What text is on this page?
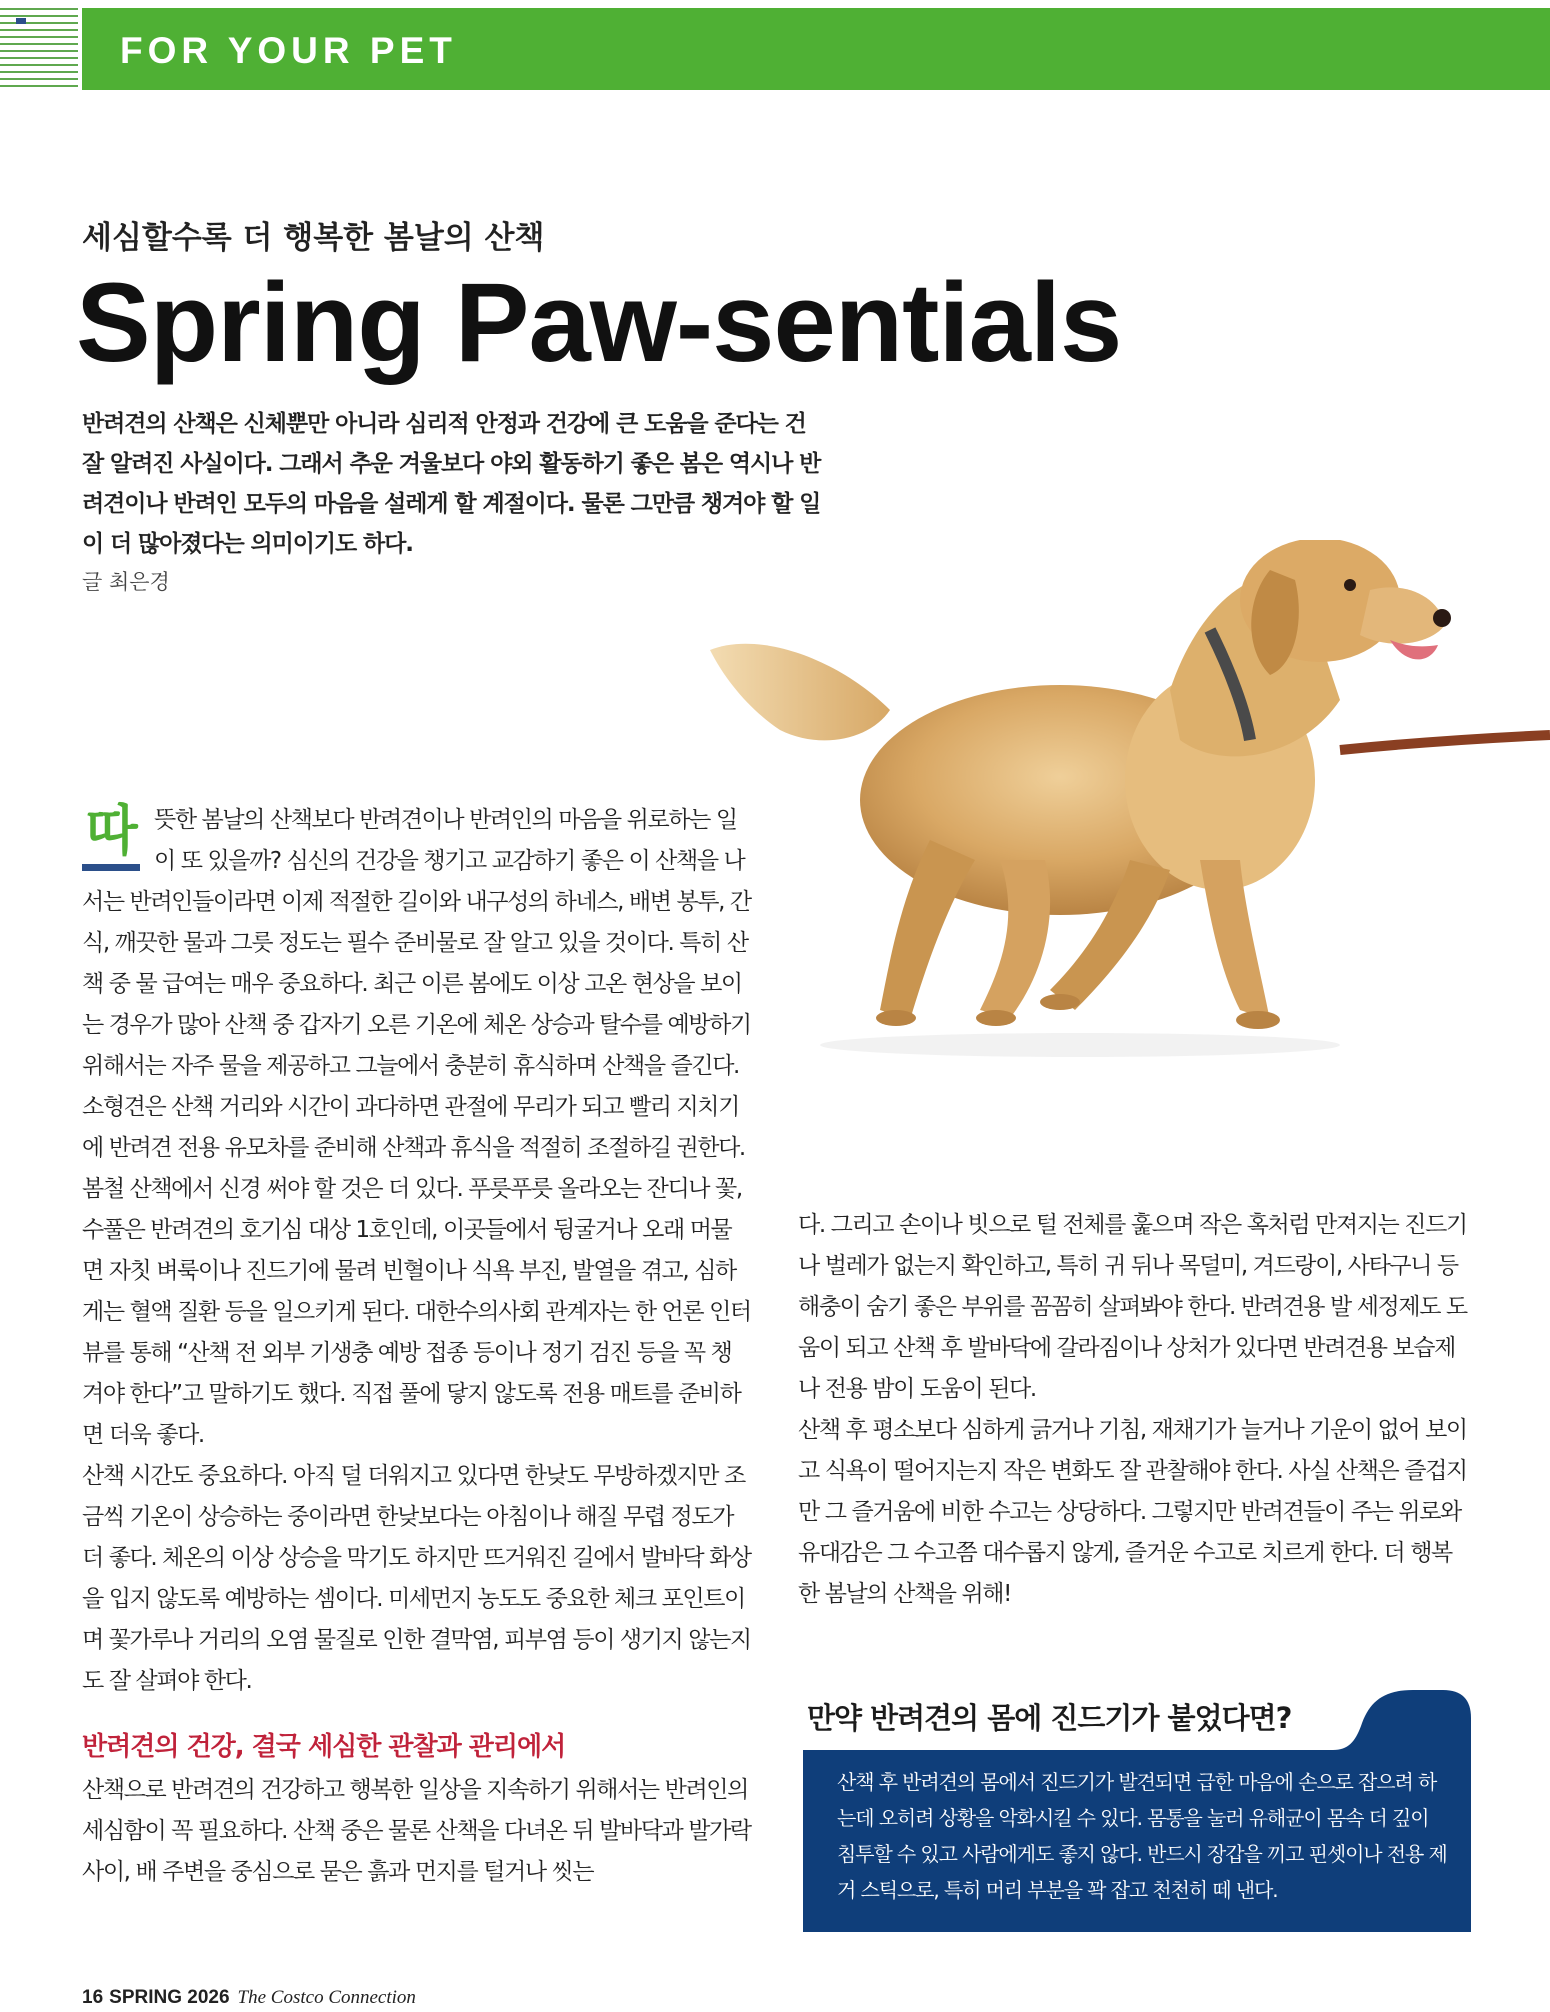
FOR YOUR PET
세심할수록 더 행복한 봄날의 산책
Spring Paw-sentials
반려견의 산책은 신체뿐만 아니라 심리적 안정과 건강에 큰 도움을 준다는 건 잘 알려진 사실이다. 그래서 추운 겨울보다 야외 활동하기 좋은 봄은 역시나 반려견이나 반려인 모두의 마음을 설레게 할 계절이다. 물론 그만큼 챙겨야 할 일이 더 많아졌다는 의미이기도 하다.
글 최은경

따 뜻한 봄날의 산책보다 반려견이나 반려인의 마음을 위로하는 일이 또 있을까? 심신의 건강을 챙기고 교감하기 좋은 이 산책을 나서는 반려인들이라면 이제 적절한 길이와 내구성의 하네스, 배변 봉투, 간식, 깨끗한 물과 그릇 정도는 필수 준비물로 잘 알고 있을 것이다. 특히 산책 중 물 급여는 매우 중요하다. 최근 이른 봄에도 이상 고온 현상을 보이는 경우가 많아 산책 중 갑자기 오른 기온에 체온 상승과 탈수를 예방하기 위해서는 자주 물을 제공하고 그늘에서 충분히 휴식하며 산책을 즐긴다. 소형견은 산책 거리와 시간이 과다하면 관절에 무리가 되고 빨리 지치기에 반려견 전용 유모차를 준비해 산책과 휴식을 적절히 조절하길 권한다.

봄철 산책에서 신경 써야 할 것은 더 있다. 푸릇푸릇 올라오는 잔디나 꽃, 수풀은 반려견의 호기심 대상 1호인데, 이곳들에서 뒹굴거나 오래 머물면 자칫 벼룩이나 진드기에 물려 빈혈이나 식욕 부진, 발열을 겪고, 심하게는 혈액 질환 등을 일으키게 된다. 대한수의사회 관계자는 한 언론 인터뷰를 통해 “산책 전 외부 기생충 예방 접종 등이나 정기 검진 등을 꼭 챙겨야 한다”고 말하기도 했다. 직접 풀에 닿지 않도록 전용 매트를 준비하면 더욱 좋다.

산책 시간도 중요하다. 아직 덜 더워지고 있다면 한낮도 무방하겠지만 조금씩 기온이 상승하는 중이라면 한낮보다는 아침이나 해질 무렵 정도가 더 좋다. 체온의 이상 상승을 막기도 하지만 뜨거워진 길에서 발바닥 화상을 입지 않도록 예방하는 셈이다. 미세먼지 농도도 중요한 체크 포인트이며 꽃가루나 거리의 오염 물질로 인한 결막염, 피부염 등이 생기지 않는지도 잘 살펴야 한다.

반려견의 건강, 결국 세심한 관찰과 관리에서

산책으로 반려견의 건강하고 행복한 일상을 지속하기 위해서는 반려인의 세심함이 꼭 필요하다. 산책 중은 물론 산책을 다녀온 뒤 발바닥과 발가락 사이, 배 주변을 중심으로 묻은 흙과 먼지를 털거나 씻는

다. 그리고 손이나 빗으로 털 전체를 훑으며 작은 혹처럼 만져지는 진드기나 벌레가 없는지 확인하고, 특히 귀 뒤나 목덜미, 겨드랑이, 사타구니 등 해충이 숨기 좋은 부위를 꼼꼼히 살펴봐야 한다. 반려견용 발 세정제도 도움이 되고 산책 후 발바닥에 갈라짐이나 상처가 있다면 반려견용 보습제나 전용 밤이 도움이 된다.

산책 후 평소보다 심하게 긁거나 기침, 재채기가 늘거나 기운이 없어 보이고 식욕이 떨어지는지 작은 변화도 잘 관찰해야 한다. 사실 산책은 즐겁지만 그 즐거움에 비한 수고는 상당하다. 그렇지만 반려견들이 주는 위로와 유대감은 그 수고쯤 대수롭지 않게, 즐거운 수고로 치르게 한다. 더 행복한 봄날의 산책을 위해!

산책 후 반려견의 몸에서 진드기가 발견되면 급한 마음에 손으로 잡으려 하는데 오히려 상황을 악화시킬 수 있다. 몸통을 눌러 유해균이 몸속 더 깊이 침투할 수 있고 사람에게도 좋지 않다. 반드시 장갑을 끼고 핀셋이나 전용 제거 스틱으로, 특히 머리 부분을 꽉 잡고 천천히 떼 낸다.
만약 반려견의 몸에 진드기가 붙었다면?
16 SPRING 2026 The Costco Connection
